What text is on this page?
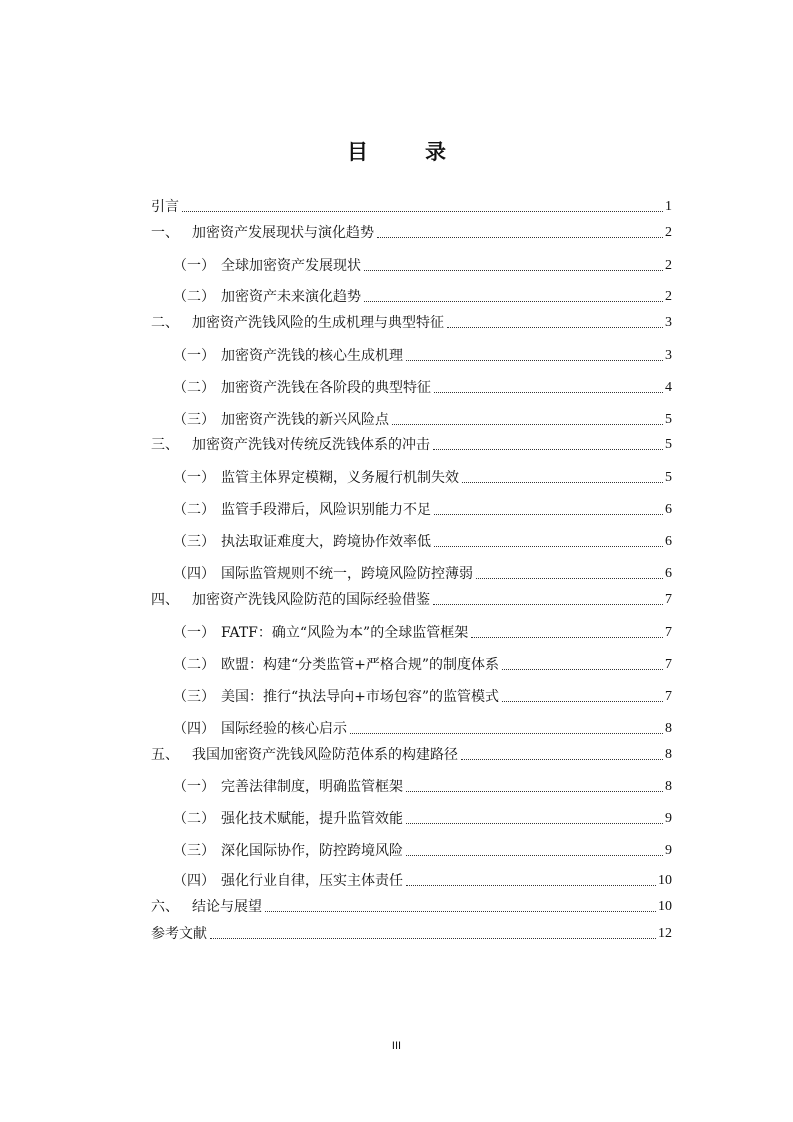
目　录
引言	1
一、 加密资产发展现状与演化趋势	2
（一） 全球加密资产发展现状	2
（二） 加密资产未来演化趋势	2
二、 加密资产洗钱风险的生成机理与典型特征	3
（一） 加密资产洗钱的核心生成机理	3
（二） 加密资产洗钱在各阶段的典型特征	4
（三） 加密资产洗钱的新兴风险点	5
三、 加密资产洗钱对传统反洗钱体系的冲击	5
（一） 监管主体界定模糊，义务履行机制失效	5
（二） 监管手段滞后，风险识别能力不足	6
（三） 执法取证难度大，跨境协作效率低	6
（四） 国际监管规则不统一，跨境风险防控薄弱	6
四、 加密资产洗钱风险防范的国际经验借鉴	7
（一） FATF：确立“风险为本”的全球监管框架	7
（二） 欧盟：构建“分类监管+严格合规”的制度体系	7
（三） 美国：推行“执法导向+市场包容”的监管模式	7
（四） 国际经验的核心启示	8
五、 我国加密资产洗钱风险防范体系的构建路径	8
（一） 完善法律制度，明确监管框架	8
（二） 强化技术赋能，提升监管效能	9
（三） 深化国际协作，防控跨境风险	9
（四） 强化行业自律，压实主体责任	10
六、 结论与展望	10
参考文献	12
III
